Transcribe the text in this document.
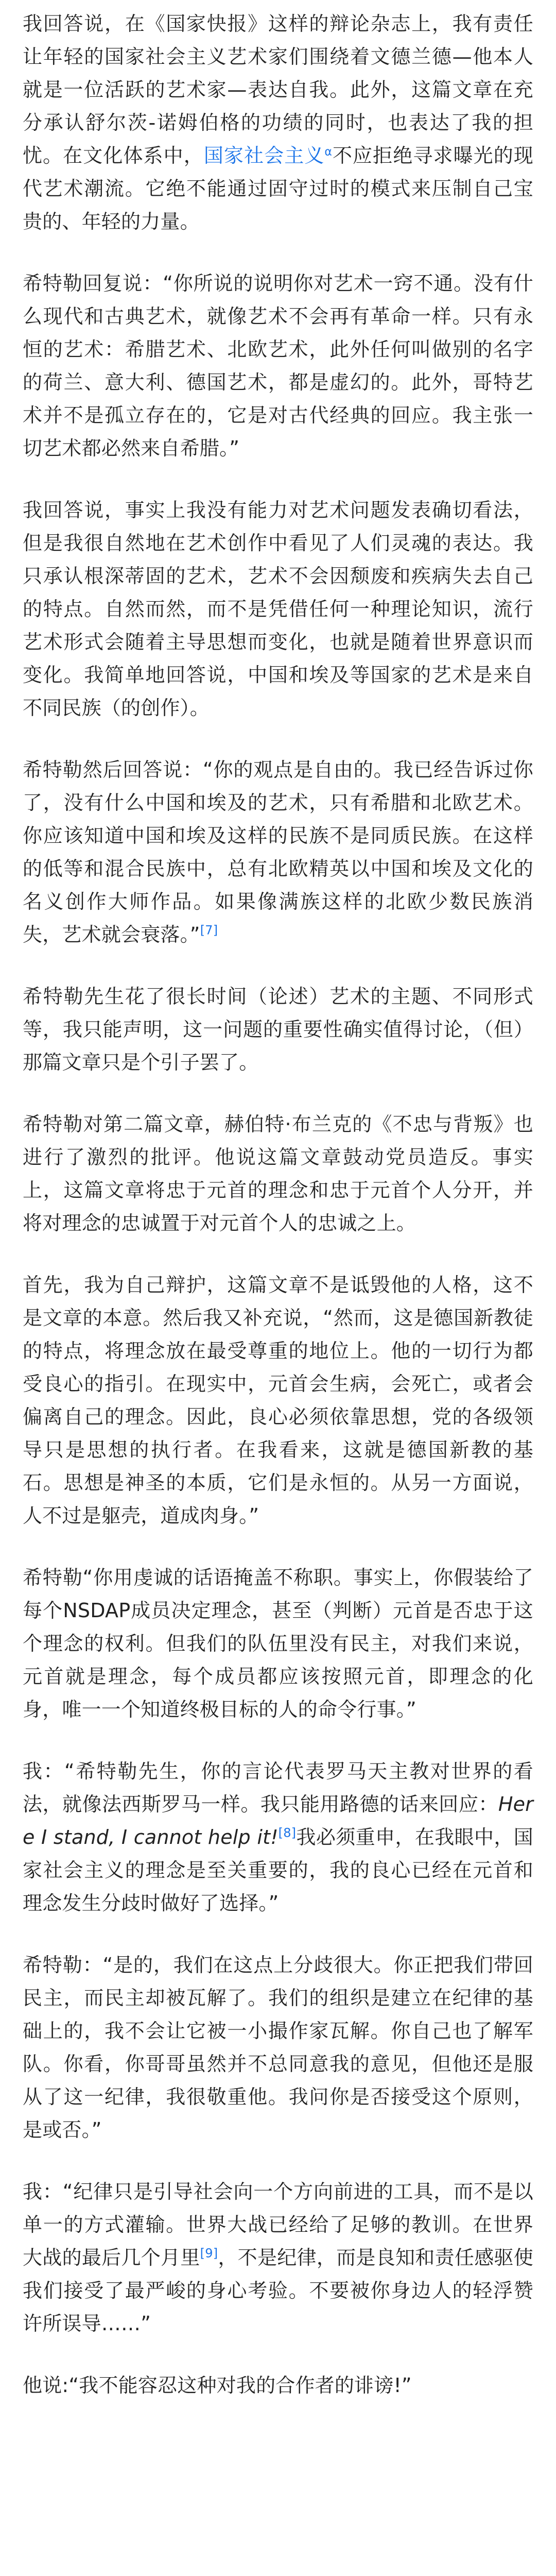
我回答说，在《国家快报》这样的辩论杂志上，我有责任让年轻的国家社会主义艺术家们围绕着文德兰德—他本人就是一位活跃的艺术家—表达自我。此外，这篇文章在充分承认舒尔茨-诺姆伯格的功绩的同时，也表达了我的担忧。在文化体系中，国家社会主义$^\alpha$不应拒绝寻求曝光的现代艺术潮流。它绝不能通过固守过时的模式来压制自己宝贵的、年轻的力量。

希特勒回复说：“你所说的说明你对艺术一窍不通。没有什么现代和古典艺术，就像艺术不会再有革命一样。只有永恒的艺术：希腊艺术、北欧艺术，此外任何叫做别的名字的荷兰、意大利、德国艺术，都是虚幻的。此外，哥特艺术并不是孤立存在的，它是对古代经典的回应。我主张一切艺术都必然来自希腊。”

我回答说，事实上我没有能力对艺术问题发表确切看法，但是我很自然地在艺术创作中看见了人们灵魂的表达。我只承认根深蒂固的艺术，艺术不会因颓废和疾病失去自己的特点。自然而然，而不是凭借任何一种理论知识，流行艺术形式会随着主导思想而变化，也就是随着世界意识而变化。我简单地回答说，中国和埃及等国家的艺术是来自不同民族（的创作）。

希特勒然后回答说：“你的观点是自由的。我已经告诉过你了，没有什么中国和埃及的艺术，只有希腊和北欧艺术。你应该知道中国和埃及这样的民族不是同质民族。在这样的低等和混合民族中，总有北欧精英以中国和埃及文化的名义创作大师作品。如果像满族这样的北欧少数民族消失，艺术就会衰落。”[7]

希特勒先生花了很长时间（论述）艺术的主题、不同形式等，我只能声明，这一问题的重要性确实值得讨论，（但）那篇文章只是个引子罢了。

希特勒对第二篇文章，赫伯特·布兰克的《不忠与背叛》也进行了激烈的批评。他说这篇文章鼓动党员造反。事实上，这篇文章将忠于元首的理念和忠于元首个人分开，并将对理念的忠诚置于对元首个人的忠诚之上。

首先，我为自己辩护，这篇文章不是诋毁他的人格，这不是文章的本意。然后我又补充说，“然而，这是德国新教徒的特点，将理念放在最受尊重的地位上。他的一切行为都受良心的指引。在现实中，元首会生病，会死亡，或者会偏离自己的理念。因此，良心必须依靠思想，党的各级领导只是思想的执行者。在我看来，这就是德国新教的基石。思想是神圣的本质，它们是永恒的。从另一方面说，人不过是躯壳，道成肉身。”

希特勒“你用虔诚的话语掩盖不称职。事实上，你假装给了每个NSDAP成员决定理念，甚至（判断）元首是否忠于这个理念的权利。但我们的队伍里没有民主，对我们来说，元首就是理念，每个成员都应该按照元首，即理念的化身，唯一一个知道终极目标的人的命令行事。”

我：“希特勒先生，你的言论代表罗马天主教对世界的看法，就像法西斯罗马一样。我只能用路德的话来回应：Here I stand, I cannot help it![8]我必须重申，在我眼中，国家社会主义的理念是至关重要的，我的良心已经在元首和理念发生分歧时做好了选择。”

希特勒：“是的，我们在这点上分歧很大。你正把我们带回民主，而民主却被瓦解了。我们的组织是建立在纪律的基础上的，我不会让它被一小撮作家瓦解。你自己也了解军队。你看，你哥哥虽然并不总同意我的意见，但他还是服从了这一纪律，我很敬重他。我问你是否接受这个原则，是或否。”

我：“纪律只是引导社会向一个方向前进的工具，而不是以单一的方式灌输。世界大战已经给了足够的教训。在世界大战的最后几个月里[9]，不是纪律，而是良知和责任感驱使我们接受了最严峻的身心考验。不要被你身边人的轻浮赞许所误导……”

他说:“我不能容忍这种对我的合作者的诽谤!”
